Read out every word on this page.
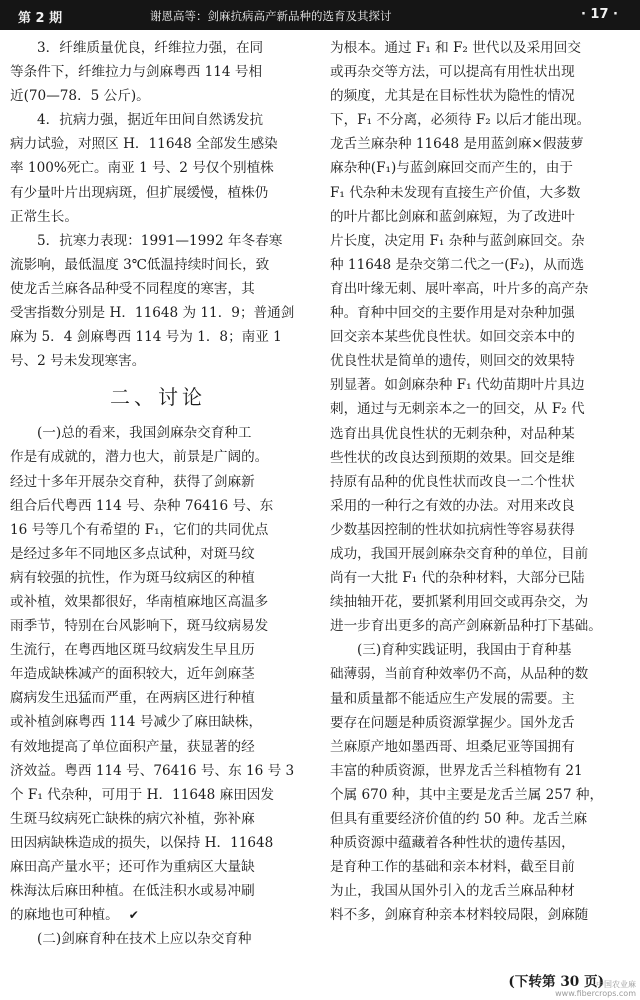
第 2 期	谢恩高等：剑麻抗病高产新品种的选育及其探讨	· 17 ·
3．纤维质量优良，纤维拉力强，在同
等条件下，纤维拉力与剑麻粤西 114 号相
近(70—78．5 公斤)。
4．抗病力强，据近年田间自然诱发抗
病力试验，对照区 H．11648 全部发生感染
率 100%死亡。南亚 1 号、2 号仅个别植株
有少量叶片出现病斑，但扩展缓慢，植株仍
正常生长。
5．抗寒力表现：1991—1992 年冬春寒
流影响，最低温度 3℃低温持续时间长，致
使龙舌兰麻各品种受不同程度的寒害，其
受害指数分别是 H．11648 为 11．9；普通剑
麻为 5．4 剑麻粤西 114 号为 1．8；南亚 1
号、2 号未发现寒害。
二、讨论
(一)总的看来，我国剑麻杂交育种工
作是有成就的，潜力也大，前景是广阔的。
经过十多年开展杂交育种，获得了剑麻新
组合后代粤西 114 号、杂种 76416 号、东
16 号等几个有希望的 F₁，它们的共同优点
是经过多年不同地区多点试种，对斑马纹
病有较强的抗性，作为斑马纹病区的种植
或补植，效果都很好，华南植麻地区高温多
雨季节，特别在台风影响下，斑马纹病易发
生流行，在粤西地区斑马纹病发生早且历
年造成缺株减产的面积较大，近年剑麻茎
腐病发生迅猛而严重，在两病区进行种植
或补植剑麻粤西 114 号减少了麻田缺株，
有效地提高了单位面积产量，获显著的经
济效益。粤西 114 号、76416 号、东 16 号 3
个 F₁ 代杂种，可用于 H．11648 麻田因发
生斑马纹病死亡缺株的病穴补植，弥补麻
田因病缺株造成的损失，以保持 H．11648
麻田高产量水平；还可作为重病区大量缺
株海汰后麻田种植。在低洼积水或易冲刷
的麻地也可种植。 ✔
(二)剑麻育种在技术上应以杂交育种
为根本。通过 F₁ 和 F₂ 世代以及采用回交
或再杂交等方法，可以提高有用性状出现
的频度，尤其是在目标性状为隐性的情况
下，F₁ 不分离，必须待 F₂ 以后才能出现。
龙舌兰麻杂种 11648 是用蓝剑麻×假菠萝
麻杂种(F₁)与蓝剑麻回交而产生的，由于
F₁ 代杂种未发现有直接生产价值，大多数
的叶片都比剑麻和蓝剑麻短，为了改进叶
片长度，决定用 F₁ 杂种与蓝剑麻回交。杂
种 11648 是杂交第二代之一(F₂)，从而选
育出叶缘无刺、展叶率高，叶片多的高产杂
种。育种中回交的主要作用是对杂种加强
回交亲本某些优良性状。如回交亲本中的
优良性状是简单的遗传，则回交的效果特
别显著。如剑麻杂种 F₁ 代幼苗期叶片具边
刺，通过与无刺亲本之一的回交，从 F₂ 代
选育出具优良性状的无刺杂种，对品种某
些性状的改良达到预期的效果。回交是维
持原有品种的优良性状而改良一二个性状
采用的一种行之有效的办法。对用来改良
少数基因控制的性状如抗病性等容易获得
成功，我国开展剑麻杂交育种的单位，目前
尚有一大批 F₁ 代的杂种材料，大部分已陆
续抽轴开花，要抓紧利用回交或再杂交，为
进一步育出更多的高产剑麻新品种打下基础。
(三)育种实践证明，我国由于育种基
础薄弱，当前育种效率仍不高，从品种的数
量和质量都不能适应生产发展的需要。主
要存在问题是种质资源掌握少。国外龙舌
兰麻原产地如墨西哥、坦桑尼亚等国拥有
丰富的种质资源，世界龙舌兰科植物有 21
个属 670 种，其中主要是龙舌兰属 257 种，
但具有重要经济价值的约 50 种。龙舌兰麻
种质资源中蕴藏着各种性状的遗传基因，
是育种工作的基础和亲本材料，截至目前
为止，我国从国外引入的龙舌兰麻品种材
料不多，剑麻育种亲本材料较局限，剑麻随
(下转第 30 页)
中国农业麻
www.fibercrops.com
